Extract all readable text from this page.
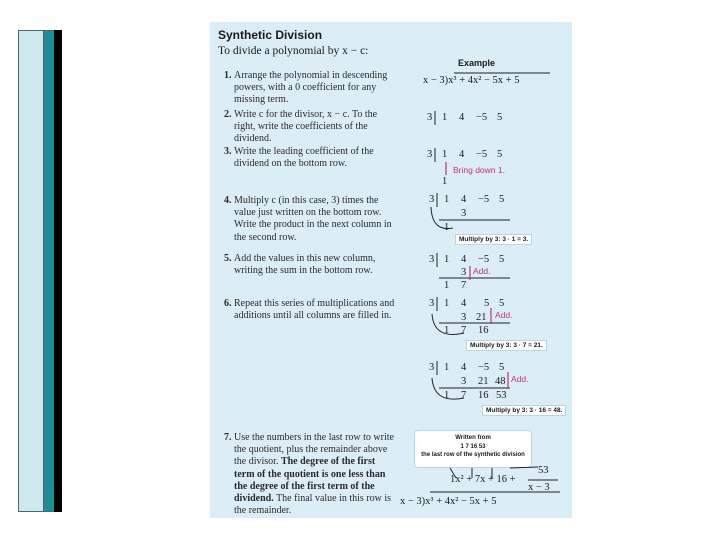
Synthetic Division
To divide a polynomial by x − c:
Example
x − 3)x³ + 4x² − 5x + 5
1. Arrange the polynomial in descending powers, with a 0 coefficient for any missing term.
2. Write c for the divisor, x − c. To the right, write the coefficients of the dividend.
3. Write the leading coefficient of the dividend on the bottom row.
4. Multiply c (in this case, 3) times the value just written on the bottom row. Write the product in the next column in the second row.
5. Add the values in this new column, writing the sum in the bottom row.
6. Repeat this series of multiplications and additions until all columns are filled in.
7. Use the numbers in the last row to write the quotient, plus the remainder above the divisor. The degree of the first term of the quotient is one less than the degree of the first term of the dividend. The final value in this row is the remainder.
3 1 4 −5 5
3 1 4 −5 5
Bring down 1.
1
3 1 4 −5 5
3
1
Multiply by 3: 3 · 1 = 3.
3 1 4 −5 5
3 Add.
1 7
3 1 4 5 5
3 21 Add.
1 7 16
Multiply by 3: 3 · 7 = 21.
3 1 4 −5 5
3 21 48 Add.
1 7 16 53
Multiply by 3: 3 · 16 = 48.
Written from
1 7 16 53
the last row of the synthetic division
53
1x² + 7x + 16 +
x − 3
x − 3)x³ + 4x² − 5x + 5
